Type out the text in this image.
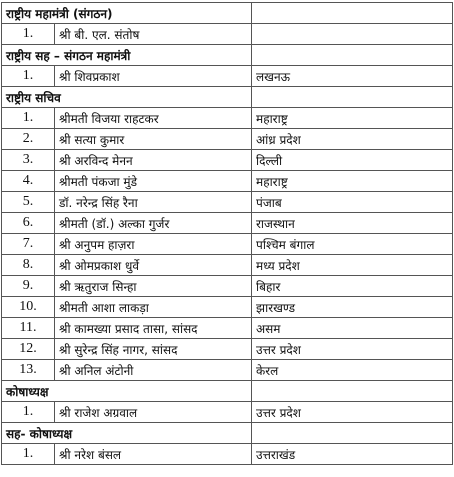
राष्ट्रीय महामंत्री (संगठन)		
1.	श्री बी. एल. संतोष	
राष्ट्रीय सह – संगठन महामंत्री		
1.	श्री शिवप्रकाश	लखनऊ
राष्ट्रीय सचिव		
1.	श्रीमती विजया राहटकर	महाराष्ट्र
2.	श्री सत्या कुमार	आंध्र प्रदेश
3.	श्री अरविन्द मेनन	दिल्ली
4.	श्रीमती पंकजा मुंडे	महाराष्ट्र
5.	डॉ. नरेन्द्र सिंह रैना	पंजाब
6.	श्रीमती (डॉ.) अल्का गुर्जर	राजस्थान
7.	श्री अनुपम हाज़रा	पश्चिम बंगाल
8.	श्री ओमप्रकाश धुर्वे	मध्य प्रदेश
9.	श्री ऋतुराज सिन्हा	बिहार
10.	श्रीमती आशा लाकड़ा	झारखण्ड
11.	श्री कामख्या प्रसाद तासा, सांसद	असम
12.	श्री सुरेन्द्र सिंह नागर, सांसद	उत्तर प्रदेश
13.	श्री अनिल अंटोनी	केरल
कोषाध्यक्ष		
1.	श्री राजेश अग्रवाल	उत्तर प्रदेश
सह- कोषाध्यक्ष		
1.	श्री नरेश बंसल	उत्तराखंड
